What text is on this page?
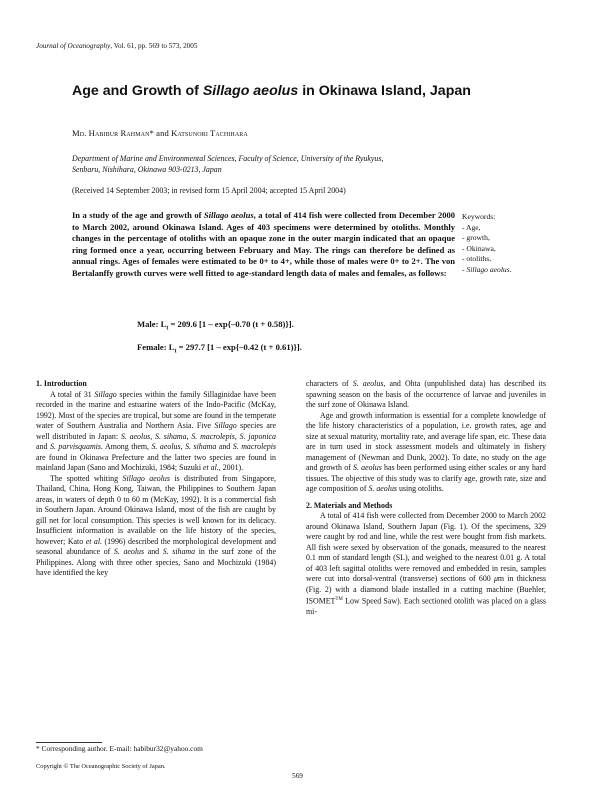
Journal of Oceanography, Vol. 61, pp. 569 to 573, 2005
Age and Growth of Sillago aeolus in Okinawa Island, Japan
Md. Habibur Rahman* and Katsunori Tachihara
Department of Marine and Environmental Sciences, Faculty of Science, University of the Ryukyus,
Senbaru, Nishihara, Okinawa 903-0213, Japan
(Received 14 September 2003; in revised form 15 April 2004; accepted 15 April 2004)
In a study of the age and growth of Sillago aeolus, a total of 414 fish were collected from December 2000 to March 2002, around Okinawa Island. Ages of 403 specimens were determined by otoliths. Monthly changes in the percentage of otoliths with an opaque zone in the outer margin indicated that an opaque ring formed once a year, occurring between February and May. The rings can therefore be defined as annual rings. Ages of females were estimated to be 0+ to 4+, while those of males were 0+ to 2+. The von Bertalanffy growth curves were well fitted to age-standard length data of males and females, as follows:
Keywords:
- Age,
- growth,
- Okinawa,
- otoliths,
- Sillago aeolus.
Male: $L_t = 209.6$ [1 – exp{–0.70 (t + 0.58)}].
Female: $L_t = 297.7$ [1 – exp{–0.42 (t + 0.61)}].
1. Introduction

A total of 31 Sillago species within the family Sillaginidae have been recorded in the marine and estuarine waters of the Indo-Pacific (McKay, 1992). Most of the species are tropical, but some are found in the temperate water of Southern Australia and Northern Asia. Five Sillago species are well distributed in Japan: S. aeolus, S. sihama, S. macrolepis, S. japonica and S. parvisquamis. Among them, S. aeolus, S. sihama and S. macrolepis are found in Okinawa Prefecture and the latter two species are found in mainland Japan (Sano and Mochizuki, 1984; Suzuki et al., 2001).

The spotted whiting Sillago aeolus is distributed from Singapore, Thailand, China, Hong Kong, Taiwan, the Philippines to Southern Japan areas, in waters of depth 0 to 60 m (McKay, 1992). It is a commercial fish in Southern Japan. Around Okinawa Island, most of the fish are caught by gill net for local consumption. This species is well known for its delicacy. Insufficient information is available on the life history of the species, however; Kato et al. (1996) described the morphological development and seasonal abundance of S. aeolus and S. sihama in the surf zone of the Philippines. Along with three other species, Sano and Mochizuki (1984) have identified the key

characters of S. aeolus, and Ohta (unpublished data) has described its spawning season on the basis of the occurrence of larvae and juveniles in the surf zone of Okinawa Island.

Age and growth information is essential for a complete knowledge of the life history characteristics of a population, i.e. growth rates, age and size at sexual maturity, mortality rate, and average life span, etc. These data are in turn used in stock assessment models and ultimately in fishery management of (Newman and Dunk, 2002). To date, no study on the age and growth of S. aeolus has been performed using either scales or any hard tissues. The objective of this study was to clarify age, growth rate, size and age composition of S. aeolus using otoliths.

2. Materials and Methods

A total of 414 fish were collected from December 2000 to March 2002 around Okinawa Island, Southern Japan (Fig. 1). Of the specimens, 329 were caught by rod and line, while the rest were bought from fish markets. All fish were sexed by observation of the gonads, measured to the nearest 0.1 mm of standard length (SL), and weighed to the nearest 0.01 g. A total of 403 left sagittal otoliths were removed and embedded in resin, samples were cut into dorsal-ventral (transverse) sections of 600 μm in thickness (Fig. 2) with a diamond blade installed in a cutting machine (Buehler, ISOMET™ Low Speed Saw). Each sectioned otolith was placed on a glass mi-

* Corresponding author. E-mail: habibur32@yahoo.com
Copyright © The Oceanographic Society of Japan.
569
